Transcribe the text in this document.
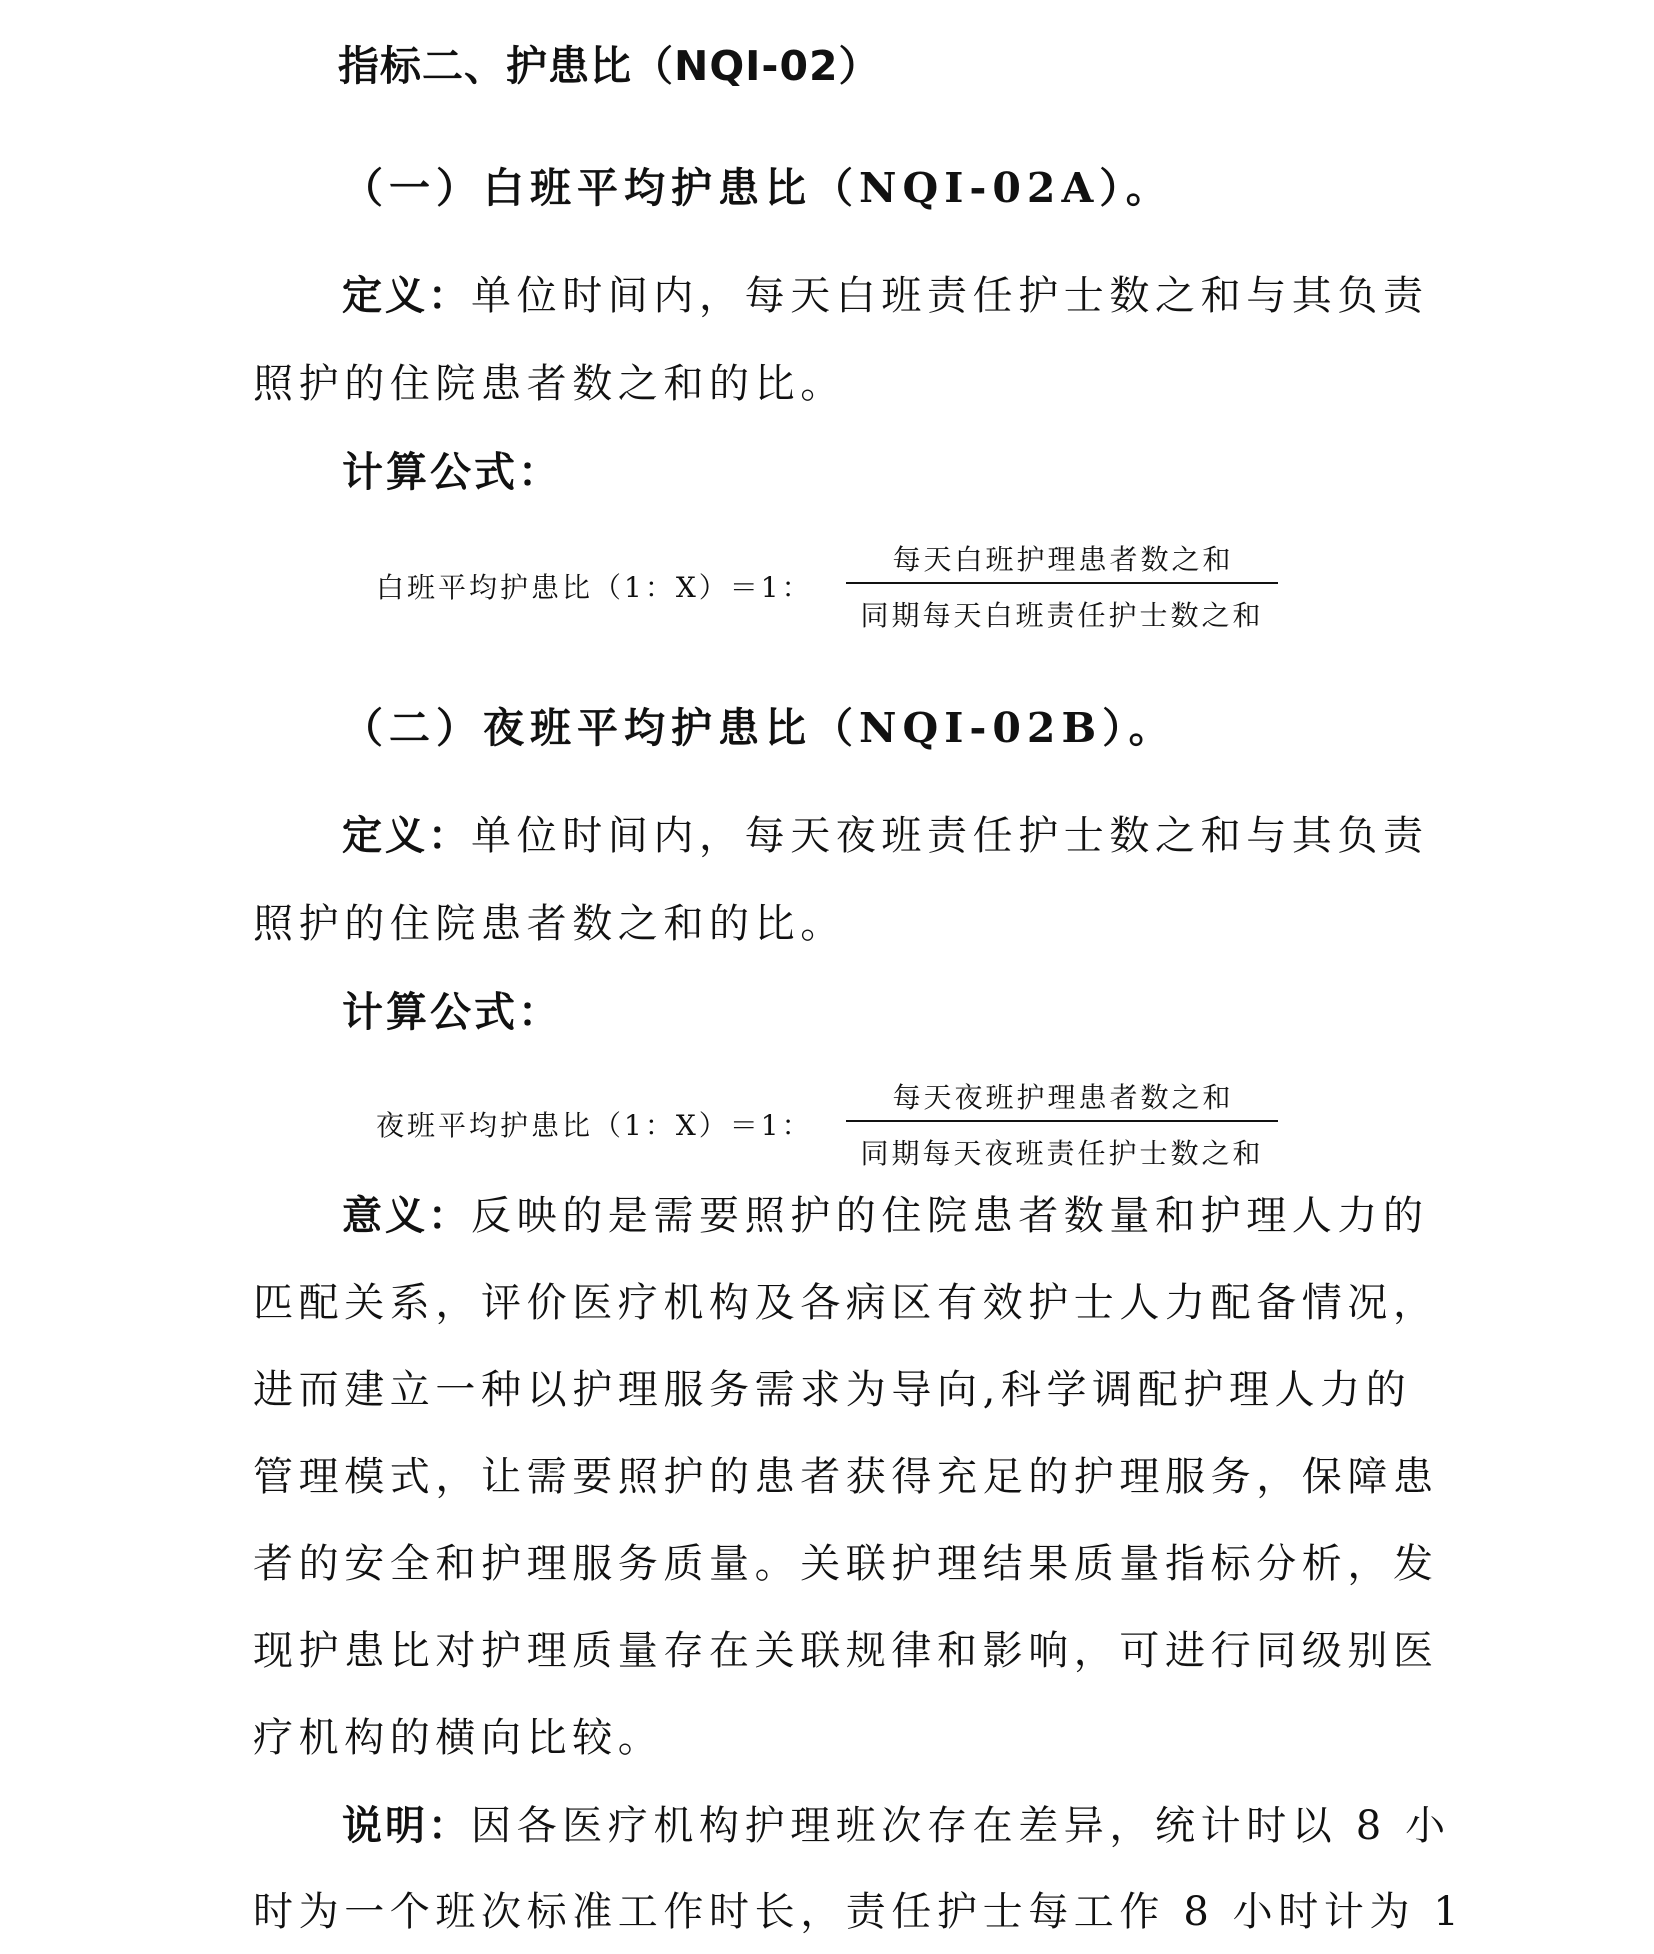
指标二、护患比（NQI-02）
（一）白班平均护患比（NQI-02A）。
定义：单位时间内，每天白班责任护士数之和与其负责
照护的住院患者数之和的比。
计算公式：
白班平均护患比（1：X）＝1：
每天白班护理患者数之和
同期每天白班责任护士数之和
（二）夜班平均护患比（NQI-02B）。
定义：单位时间内，每天夜班责任护士数之和与其负责
照护的住院患者数之和的比。
计算公式：
夜班平均护患比（1：X）＝1：
每天夜班护理患者数之和
同期每天夜班责任护士数之和
意义：反映的是需要照护的住院患者数量和护理人力的
匹配关系，评价医疗机构及各病区有效护士人力配备情况，
进而建立一种以护理服务需求为导向,科学调配护理人力的
管理模式，让需要照护的患者获得充足的护理服务，保障患
者的安全和护理服务质量。关联护理结果质量指标分析，发
现护患比对护理质量存在关联规律和影响，可进行同级别医
疗机构的横向比较。
说明：因各医疗机构护理班次存在差异，统计时以 8 小
时为一个班次标准工作时长，责任护士每工作 8 小时计为 1
